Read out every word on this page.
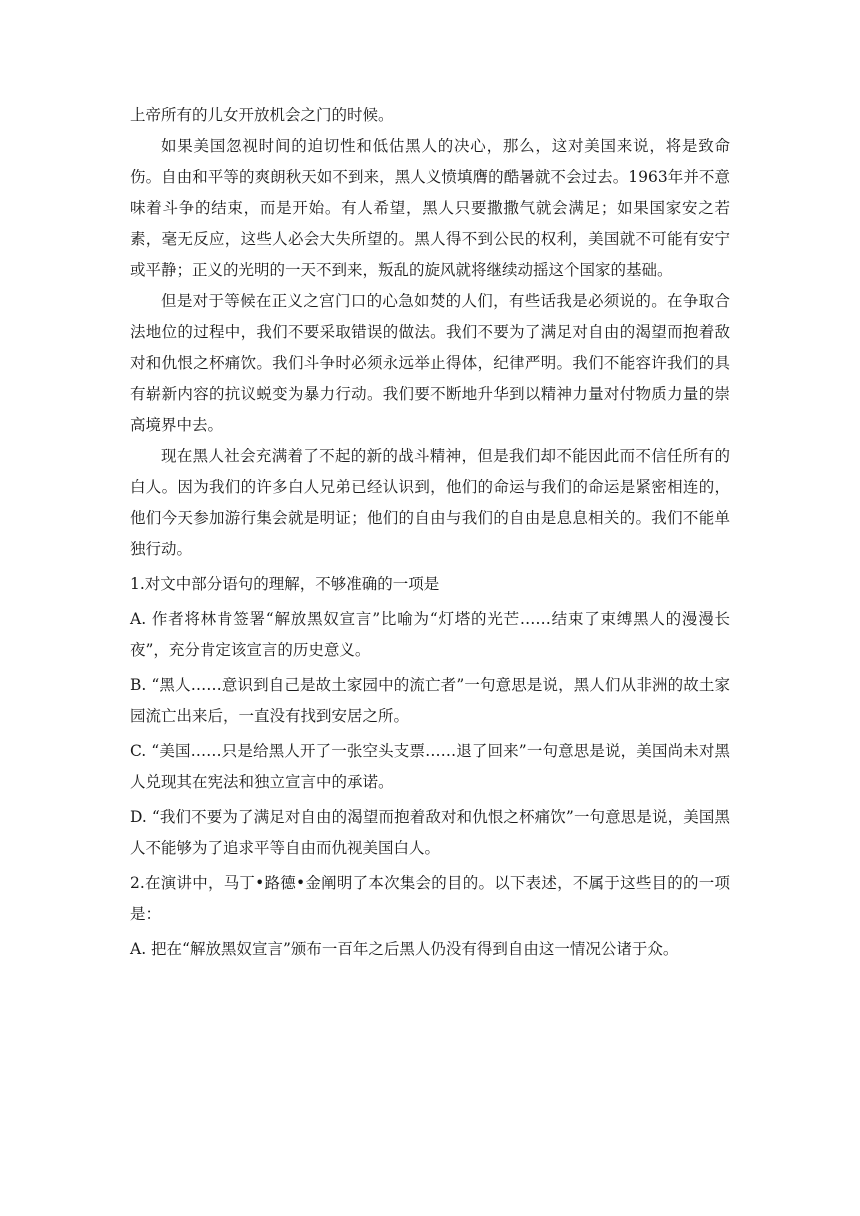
上帝所有的儿女开放机会之门的时候。

如果美国忽视时间的迫切性和低估黑人的决心，那么，这对美国来说，将是致命伤。自由和平等的爽朗秋天如不到来，黑人义愤填膺的酷暑就不会过去。1963年并不意味着斗争的结束，而是开始。有人希望，黑人只要撒撒气就会满足；如果国家安之若素，毫无反应，这些人必会大失所望的。黑人得不到公民的权利，美国就不可能有安宁或平静；正义的光明的一天不到来，叛乱的旋风就将继续动摇这个国家的基础。

但是对于等候在正义之宫门口的心急如焚的人们，有些话我是必须说的。在争取合法地位的过程中，我们不要采取错误的做法。我们不要为了满足对自由的渴望而抱着敌对和仇恨之杯痛饮。我们斗争时必须永远举止得体，纪律严明。我们不能容许我们的具有崭新内容的抗议蜕变为暴力行动。我们要不断地升华到以精神力量对付物质力量的崇高境界中去。

现在黑人社会充满着了不起的新的战斗精神，但是我们却不能因此而不信任所有的白人。因为我们的许多白人兄弟已经认识到，他们的命运与我们的命运是紧密相连的，他们今天参加游行集会就是明证；他们的自由与我们的自由是息息相关的。我们不能单独行动。

1.对文中部分语句的理解，不够准确的一项是

A. 作者将林肯签署“解放黑奴宣言”比喻为“灯塔的光芒……结束了束缚黑人的漫漫长夜”，充分肯定该宣言的历史意义。

B. “黑人……意识到自己是故土家园中的流亡者”一句意思是说，黑人们从非洲的故土家园流亡出来后，一直没有找到安居之所。

C. “美国……只是给黑人开了一张空头支票……退了回来”一句意思是说，美国尚未对黑人兑现其在宪法和独立宣言中的承诺。

D. “我们不要为了满足对自由的渴望而抱着敌对和仇恨之杯痛饮”一句意思是说，美国黑人不能够为了追求平等自由而仇视美国白人。

2.在演讲中，马丁•路德•金阐明了本次集会的目的。以下表述，不属于这些目的的一项是：

A. 把在“解放黑奴宣言”颁布一百年之后黑人仍没有得到自由这一情况公诸于众。
